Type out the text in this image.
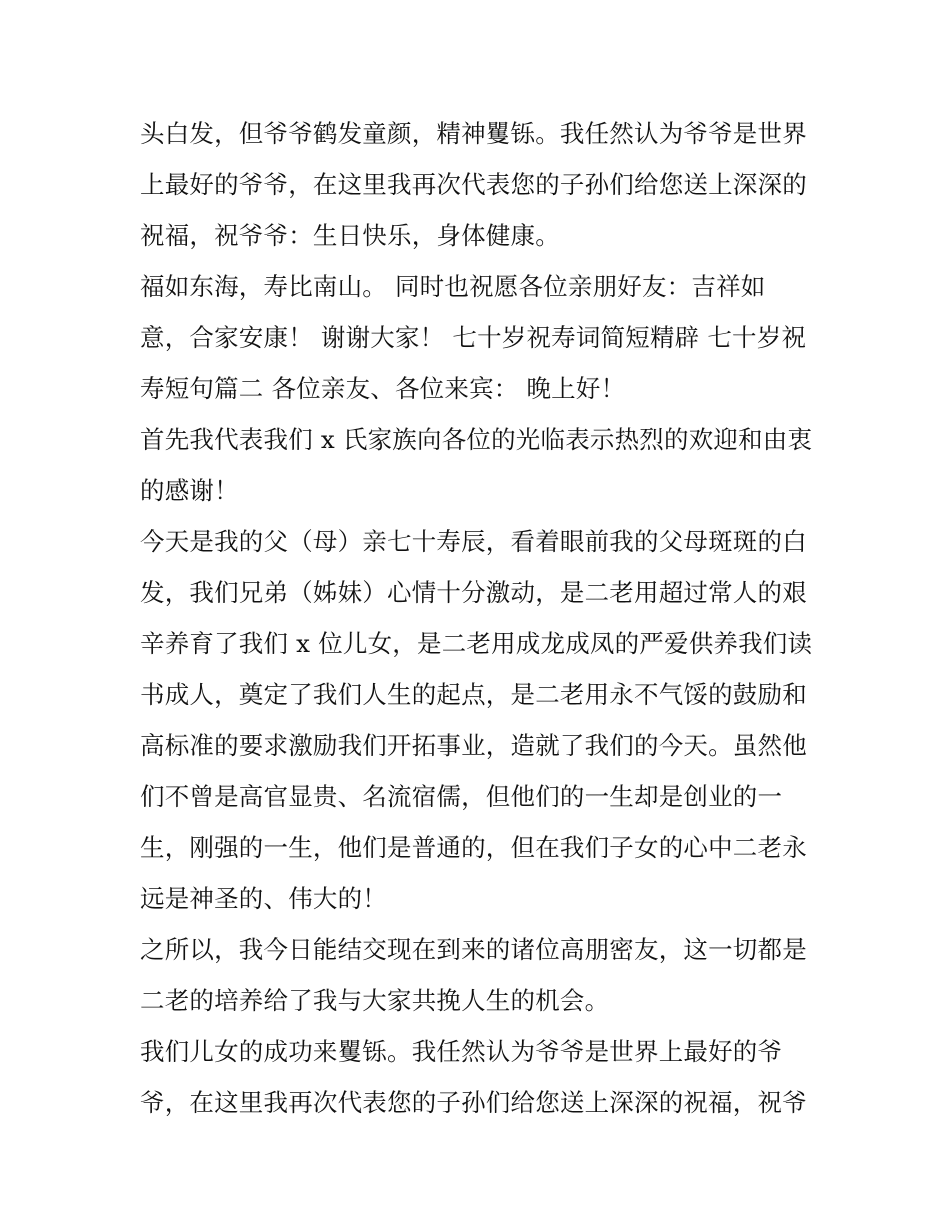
头白发，但爷爷鹤发童颜，精神矍铄。我任然认为爷爷是世界
上最好的爷爷，在这里我再次代表您的子孙们给您送上深深的
祝福，祝爷爷：生日快乐，身体健康。
福如东海，寿比南山。 同时也祝愿各位亲朋好友：吉祥如
意，合家安康！ 谢谢大家！ 七十岁祝寿词简短精辟 七十岁祝
寿短句篇二 各位亲友、各位来宾： 晚上好！
首先我代表我们 x 氏家族向各位的光临表示热烈的欢迎和由衷
的感谢！
今天是我的父（母）亲七十寿辰，看着眼前我的父母斑斑的白
发，我们兄弟（姊妹）心情十分激动，是二老用超过常人的艰
辛养育了我们 x 位儿女，是二老用成龙成凤的严爱供养我们读
书成人，奠定了我们人生的起点，是二老用永不气馁的鼓励和
高标准的要求激励我们开拓事业，造就了我们的今天。虽然他
们不曾是高官显贵、名流宿儒，但他们的一生却是创业的一
生，刚强的一生，他们是普通的，但在我们子女的心中二老永
远是神圣的、伟大的！
之所以，我今日能结交现在到来的诸位高朋密友，这一切都是
二老的培养给了我与大家共挽人生的机会。
我们儿女的成功来矍铄。我任然认为爷爷是世界上最好的爷
爷，在这里我再次代表您的子孙们给您送上深深的祝福，祝爷
